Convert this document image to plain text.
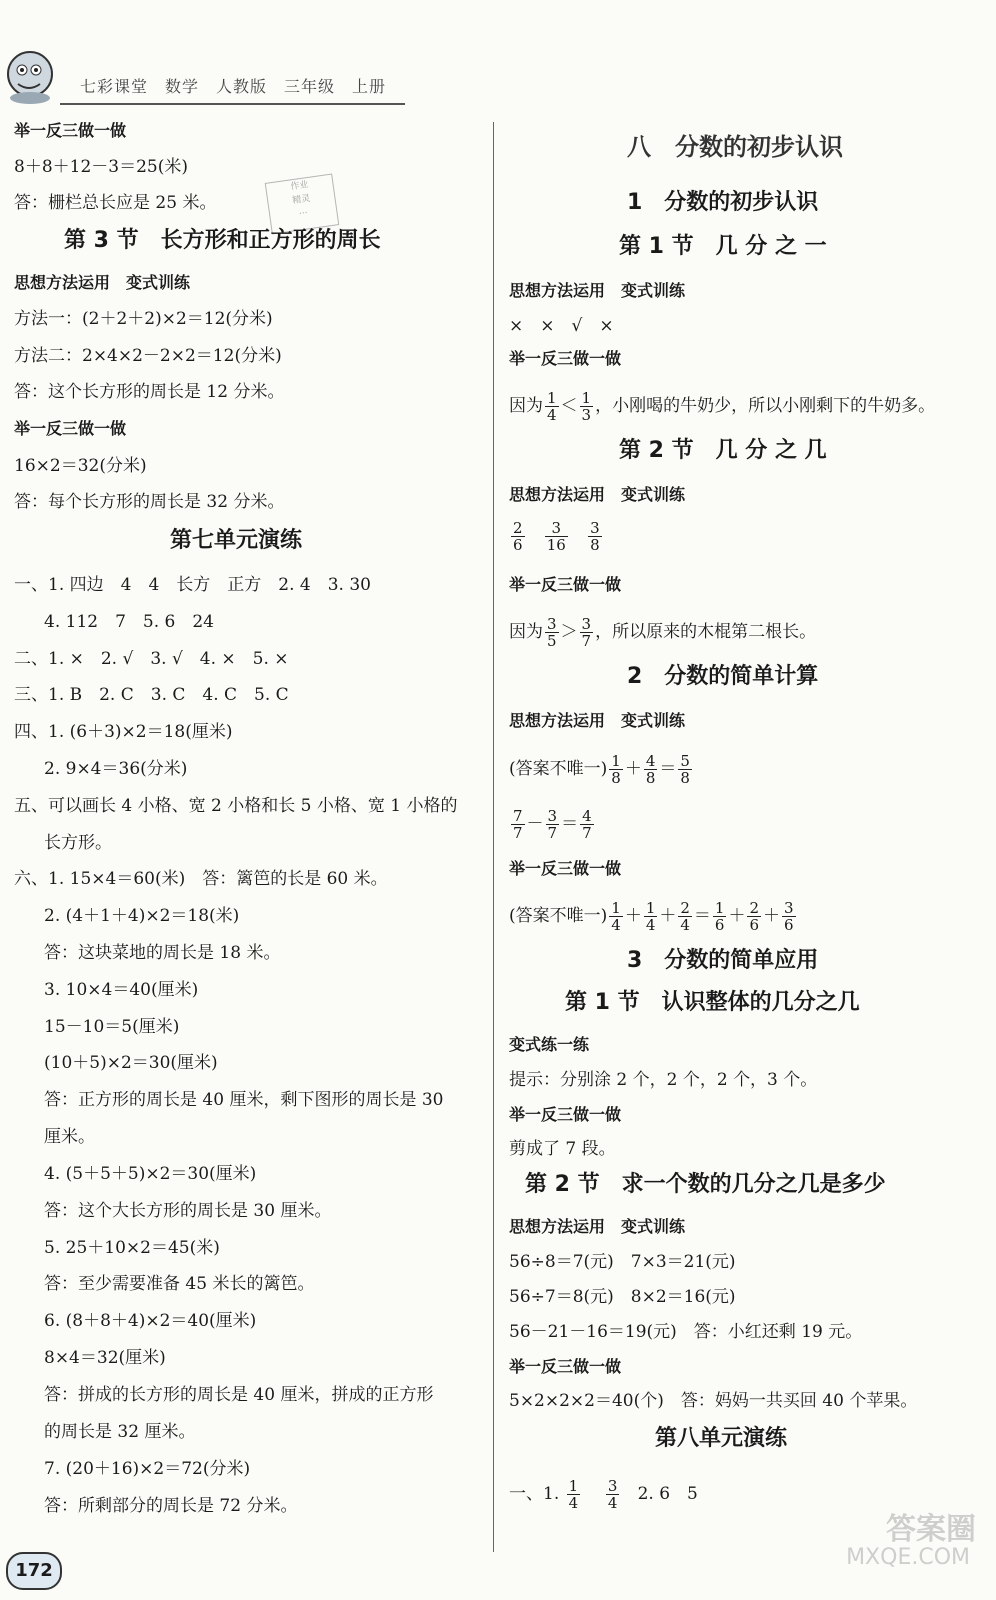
七彩课堂　数学　人教版　三年级　上册
作业
精灵
···
举一反三做一做
8＋8＋12－3＝25(米)
答：栅栏总长应是 25 米。
第 3 节　长方形和正方形的周长
思想方法运用　变式训练
方法一：(2＋2＋2)×2＝12(分米)
方法二：2×4×2－2×2＝12(分米)
答：这个长方形的周长是 12 分米。
举一反三做一做
16×2＝32(分米)
答：每个长方形的周长是 32 分米。
第七单元演练
一、1. 四边　4　4　长方　正方　2. 4　3. 30
4. 112　7　5. 6　24
二、1. ×　2. √　3. √　4. ×　5. ×
三、1. B　2. C　3. C　4. C　5. C
四、1. (6＋3)×2＝18(厘米)
2. 9×4＝36(分米)
五、可以画长 4 小格、宽 2 小格和长 5 小格、宽 1 小格的
长方形。
六、1. 15×4＝60(米)　答：篱笆的长是 60 米。
2. (4＋1＋4)×2＝18(米)
答：这块菜地的周长是 18 米。
3. 10×4＝40(厘米)
15－10＝5(厘米)
(10＋5)×2＝30(厘米)
答：正方形的周长是 40 厘米，剩下图形的周长是 30
厘米。
4. (5＋5＋5)×2＝30(厘米)
答：这个大长方形的周长是 30 厘米。
5. 25＋10×2＝45(米)
答：至少需要准备 45 米长的篱笆。
6. (8＋8＋4)×2＝40(厘米)
8×4＝32(厘米)
答：拼成的长方形的周长是 40 厘米，拼成的正方形
的周长是 32 厘米。
7. (20＋16)×2＝72(分米)
答：所剩部分的周长是 72 分米。
八　分数的初步认识
1　分数的初步认识
第 1 节　几 分 之 一
思想方法运用　变式训练
×　×　√　×
举一反三做一做
因为 $\frac{1}{4} < \frac{1}{3}$ ，小刚喝的牛奶少，所以小刚剩下的牛奶多。
第 2 节　几 分 之 几
思想方法运用　变式训练
$\frac{2}{6}$
$\frac{3}{16}$
$\frac{3}{8}$
举一反三做一做
因为 $\frac{3}{5} > \frac{3}{7}$ ，所以原来的木棍第二根长。
2　分数的简单计算
思想方法运用　变式训练
(答案不唯一) $\frac{1}{8} + \frac{4}{8} = \frac{5}{8}$
$\frac{7}{7} - \frac{3}{7} = \frac{4}{7}$
举一反三做一做
(答案不唯一) $\frac{1}{4} + \frac{1}{4} + \frac{2}{4} = \frac{1}{6} + \frac{2}{6} + \frac{3}{6}$
3　分数的简单应用
第 1 节　认识整体的几分之几
变式练一练
提示：分别涂 2 个，2 个，2 个，3 个。
举一反三做一做
剪成了 7 段。
第 2 节　求一个数的几分之几是多少
思想方法运用　变式训练
56÷8＝7(元)　7×3＝21(元)
56÷7＝8(元)　8×2＝16(元)
56－21－16＝19(元)　答：小红还剩 19 元。
举一反三做一做
5×2×2×2＝40(个)　答：妈妈一共买回 40 个苹果。
第八单元演练
一、1. $\frac{1}{4}$
$\frac{3}{4} 2$. 6　5
172
答案圈
MXQE.COM
